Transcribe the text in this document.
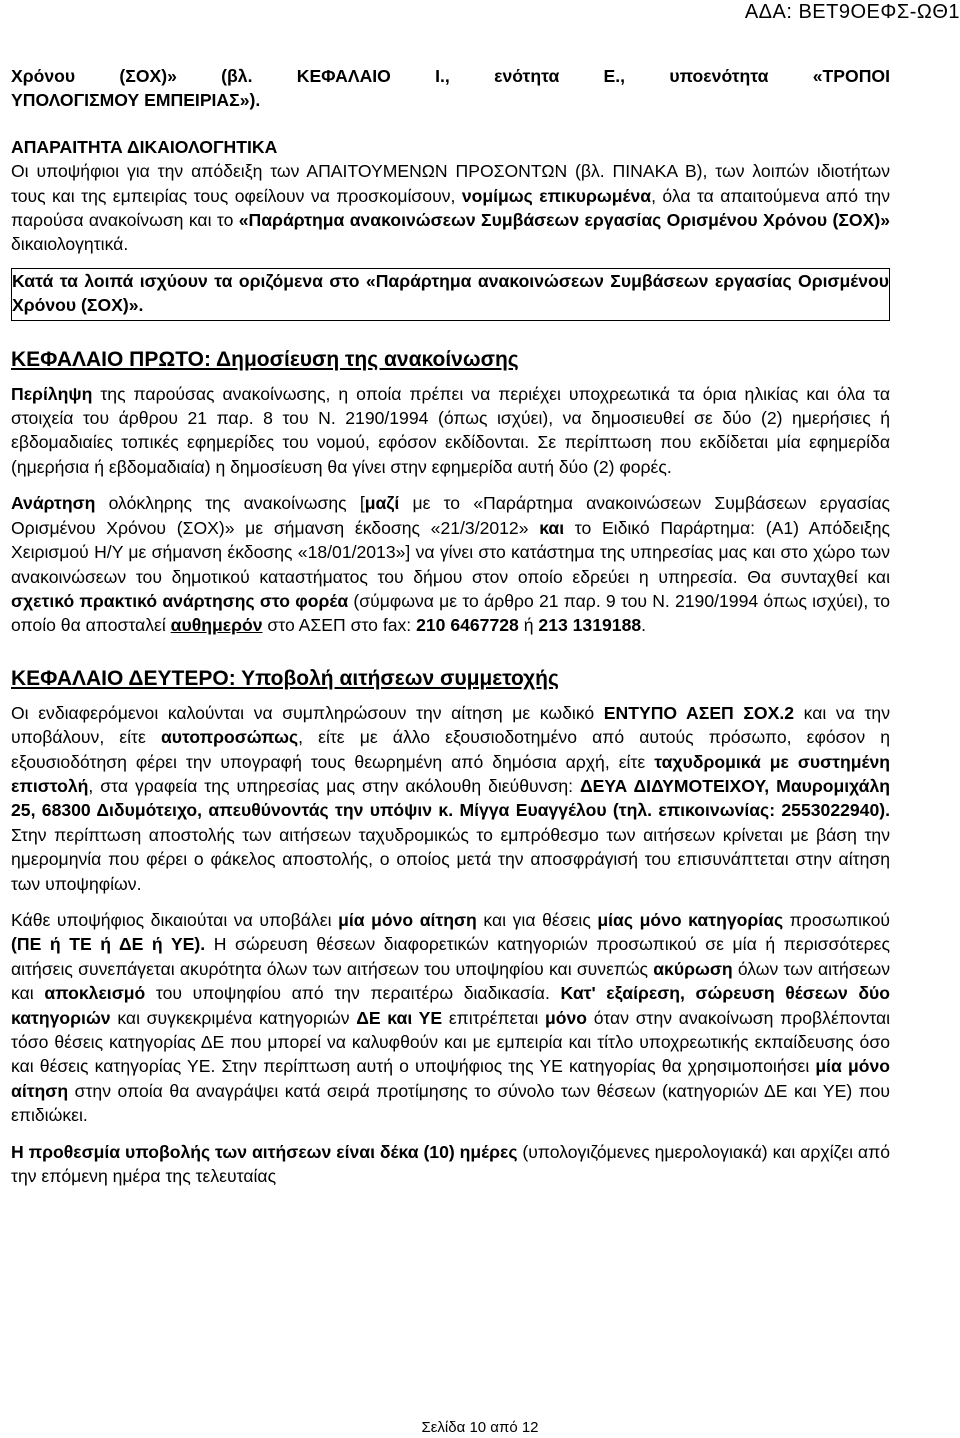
ΑΔΑ: ΒΕΤ9ΟΕΦΣ-ΩΘ1

Χρόνου (ΣΟΧ)» (βλ. ΚΕΦΑΛΑΙΟ Ι., ενότητα Ε., υποενότητα «ΤΡΟΠΟΙ
ΥΠΟΛΟΓΙΣΜΟΥ ΕΜΠΕΙΡΙΑΣ»).

ΑΠΑΡΑΙΤΗΤΑ ΔΙΚΑΙΟΛΟΓΗΤΙΚΑ

Οι υποψήφιοι για την απόδειξη των ΑΠΑΙΤΟΥΜΕΝΩΝ ΠΡΟΣΟΝΤΩΝ (βλ. ΠΙΝΑΚΑ Β), των λοιπών ιδιοτήτων τους και της εμπειρίας τους οφείλουν να προσκομίσουν, νομίμως επικυρωμένα, όλα τα απαιτούμενα από την παρούσα ανακοίνωση και το «Παράρτημα ανακοινώσεων Συμβάσεων εργασίας Ορισμένου Χρόνου (ΣΟΧ)» δικαιολογητικά.

Κατά τα λοιπά ισχύουν τα οριζόμενα στο «Παράρτημα ανακοινώσεων Συμβάσεων εργασίας Ορισμένου Χρόνου (ΣΟΧ)».

ΚΕΦΑΛΑΙΟ ΠΡΩΤΟ: Δημοσίευση της ανακοίνωσης

Περίληψη της παρούσας ανακοίνωσης, η οποία πρέπει να περιέχει υποχρεωτικά τα όρια ηλικίας και όλα τα στοιχεία του άρθρου 21 παρ. 8 του Ν. 2190/1994 (όπως ισχύει), να δημοσιευθεί σε δύο (2) ημερήσιες ή εβδομαδιαίες τοπικές εφημερίδες του νομού, εφόσον εκδίδονται. Σε περίπτωση που εκδίδεται μία εφημερίδα (ημερήσια ή εβδομαδιαία) η δημοσίευση θα γίνει στην εφημερίδα αυτή δύο (2) φορές.

Ανάρτηση ολόκληρης της ανακοίνωσης [μαζί με το «Παράρτημα ανακοινώσεων Συμβάσεων εργασίας Ορισμένου Χρόνου (ΣΟΧ)» με σήμανση έκδοσης «21/3/2012» και το Ειδικό Παράρτημα: (Α1) Απόδειξης Χειρισμού Η/Υ με σήμανση έκδοσης «18/01/2013»] να γίνει στο κατάστημα της υπηρεσίας μας και στο χώρο των ανακοινώσεων του δημοτικού καταστήματος του δήμου στον οποίο εδρεύει η υπηρεσία. Θα συνταχθεί και σχετικό πρακτικό ανάρτησης στο φορέα (σύμφωνα με το άρθρο 21 παρ. 9 του Ν. 2190/1994 όπως ισχύει), το οποίο θα αποσταλεί αυθημερόν στο ΑΣΕΠ στο fax: 210 6467728 ή 213 1319188.

ΚΕΦΑΛΑΙΟ ΔΕΥΤΕΡΟ: Υποβολή αιτήσεων συμμετοχής

Οι ενδιαφερόμενοι καλούνται να συμπληρώσουν την αίτηση με κωδικό ΕΝΤΥΠΟ ΑΣΕΠ ΣΟΧ.2 και να την υποβάλουν, είτε αυτοπροσώπως, είτε με άλλο εξουσιοδοτημένο από αυτούς πρόσωπο, εφόσον η εξουσιοδότηση φέρει την υπογραφή τους θεωρημένη από δημόσια αρχή, είτε ταχυδρομικά με συστημένη επιστολή, στα γραφεία της υπηρεσίας μας στην ακόλουθη διεύθυνση: ΔΕΥΑ ΔΙΔΥΜΟΤΕΙΧΟΥ, Μαυρομιχάλη 25, 68300 Διδυμότειχο, απευθύνοντάς την υπόψιν κ. Μίγγα Ευαγγέλου (τηλ. επικοινωνίας: 2553022940). Στην περίπτωση αποστολής των αιτήσεων ταχυδρομικώς το εμπρόθεσμο των αιτήσεων κρίνεται με βάση την ημερομηνία που φέρει ο φάκελος αποστολής, ο οποίος μετά την αποσφράγισή του επισυνάπτεται στην αίτηση των υποψηφίων.

Κάθε υποψήφιος δικαιούται να υποβάλει μία μόνο αίτηση και για θέσεις μίας μόνο κατηγορίας προσωπικού (ΠΕ ή ΤΕ ή ΔΕ ή ΥΕ). Η σώρευση θέσεων διαφορετικών κατηγοριών προσωπικού σε μία ή περισσότερες αιτήσεις συνεπάγεται ακυρότητα όλων των αιτήσεων του υποψηφίου και συνεπώς ακύρωση όλων των αιτήσεων και αποκλεισμό του υποψηφίου από την περαιτέρω διαδικασία. Κατ' εξαίρεση, σώρευση θέσεων δύο κατηγοριών και συγκεκριμένα κατηγοριών ΔΕ και ΥΕ επιτρέπεται μόνο όταν στην ανακοίνωση προβλέπονται τόσο θέσεις κατηγορίας ΔΕ που μπορεί να καλυφθούν και με εμπειρία και τίτλο υποχρεωτικής εκπαίδευσης όσο και θέσεις κατηγορίας ΥΕ. Στην περίπτωση αυτή ο υποψήφιος της ΥΕ κατηγορίας θα χρησιμοποιήσει μία μόνο αίτηση στην οποία θα αναγράψει κατά σειρά προτίμησης το σύνολο των θέσεων (κατηγοριών ΔΕ και ΥΕ) που επιδιώκει.

Η προθεσμία υποβολής των αιτήσεων είναι δέκα (10) ημέρες (υπολογιζόμενες ημερολογιακά) και αρχίζει από την επόμενη ημέρα της τελευταίας

Σελίδα 10 από 12
